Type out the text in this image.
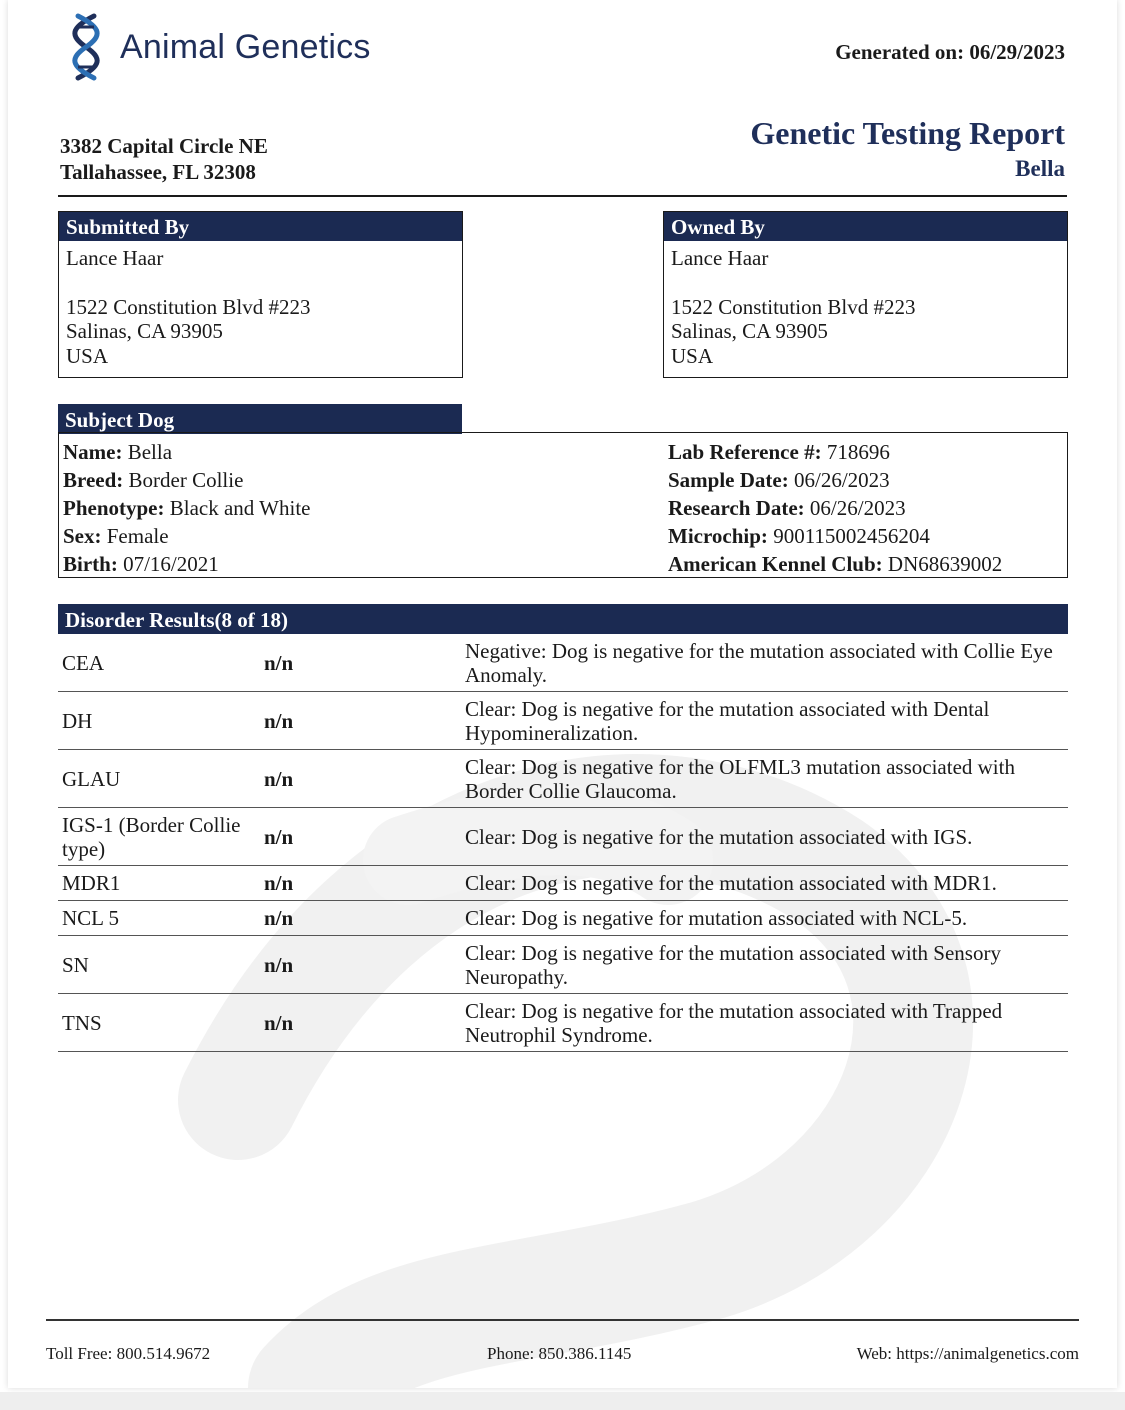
Animal Genetics	Generated on: 06/29/2023
3382 Capital Circle NE
Tallahassee, FL 32308
Genetic Testing Report
Bella
Submitted By
Lance Haar
1522 Constitution Blvd #223
Salinas, CA 93905
USA
Owned By
Lance Haar
1522 Constitution Blvd #223
Salinas, CA 93905
USA
Subject Dog
Name: Bella
Breed: Border Collie
Phenotype: Black and White
Sex: Female
Birth: 07/16/2021
Lab Reference #: 718696
Sample Date: 06/26/2023
Research Date: 06/26/2023
Microchip: 900115002456204
American Kennel Club: DN68639002
Disorder Results(8 of 18)
CEA	n/n	Negative: Dog is negative for the mutation associated with Collie Eye Anomaly.
DH	n/n	Clear: Dog is negative for the mutation associated with Dental Hypomineralization.
GLAU	n/n	Clear: Dog is negative for the OLFML3 mutation associated with Border Collie Glaucoma.
IGS-1 (Border Collie type)	n/n	Clear: Dog is negative for the mutation associated with IGS.
MDR1	n/n	Clear: Dog is negative for the mutation associated with MDR1.
NCL 5	n/n	Clear: Dog is negative for mutation associated with NCL-5.
SN	n/n	Clear: Dog is negative for the mutation associated with Sensory Neuropathy.
TNS	n/n	Clear: Dog is negative for the mutation associated with Trapped Neutrophil Syndrome.
Toll Free: 800.514.9672	Phone: 850.386.1145	Web: https://animalgenetics.com
